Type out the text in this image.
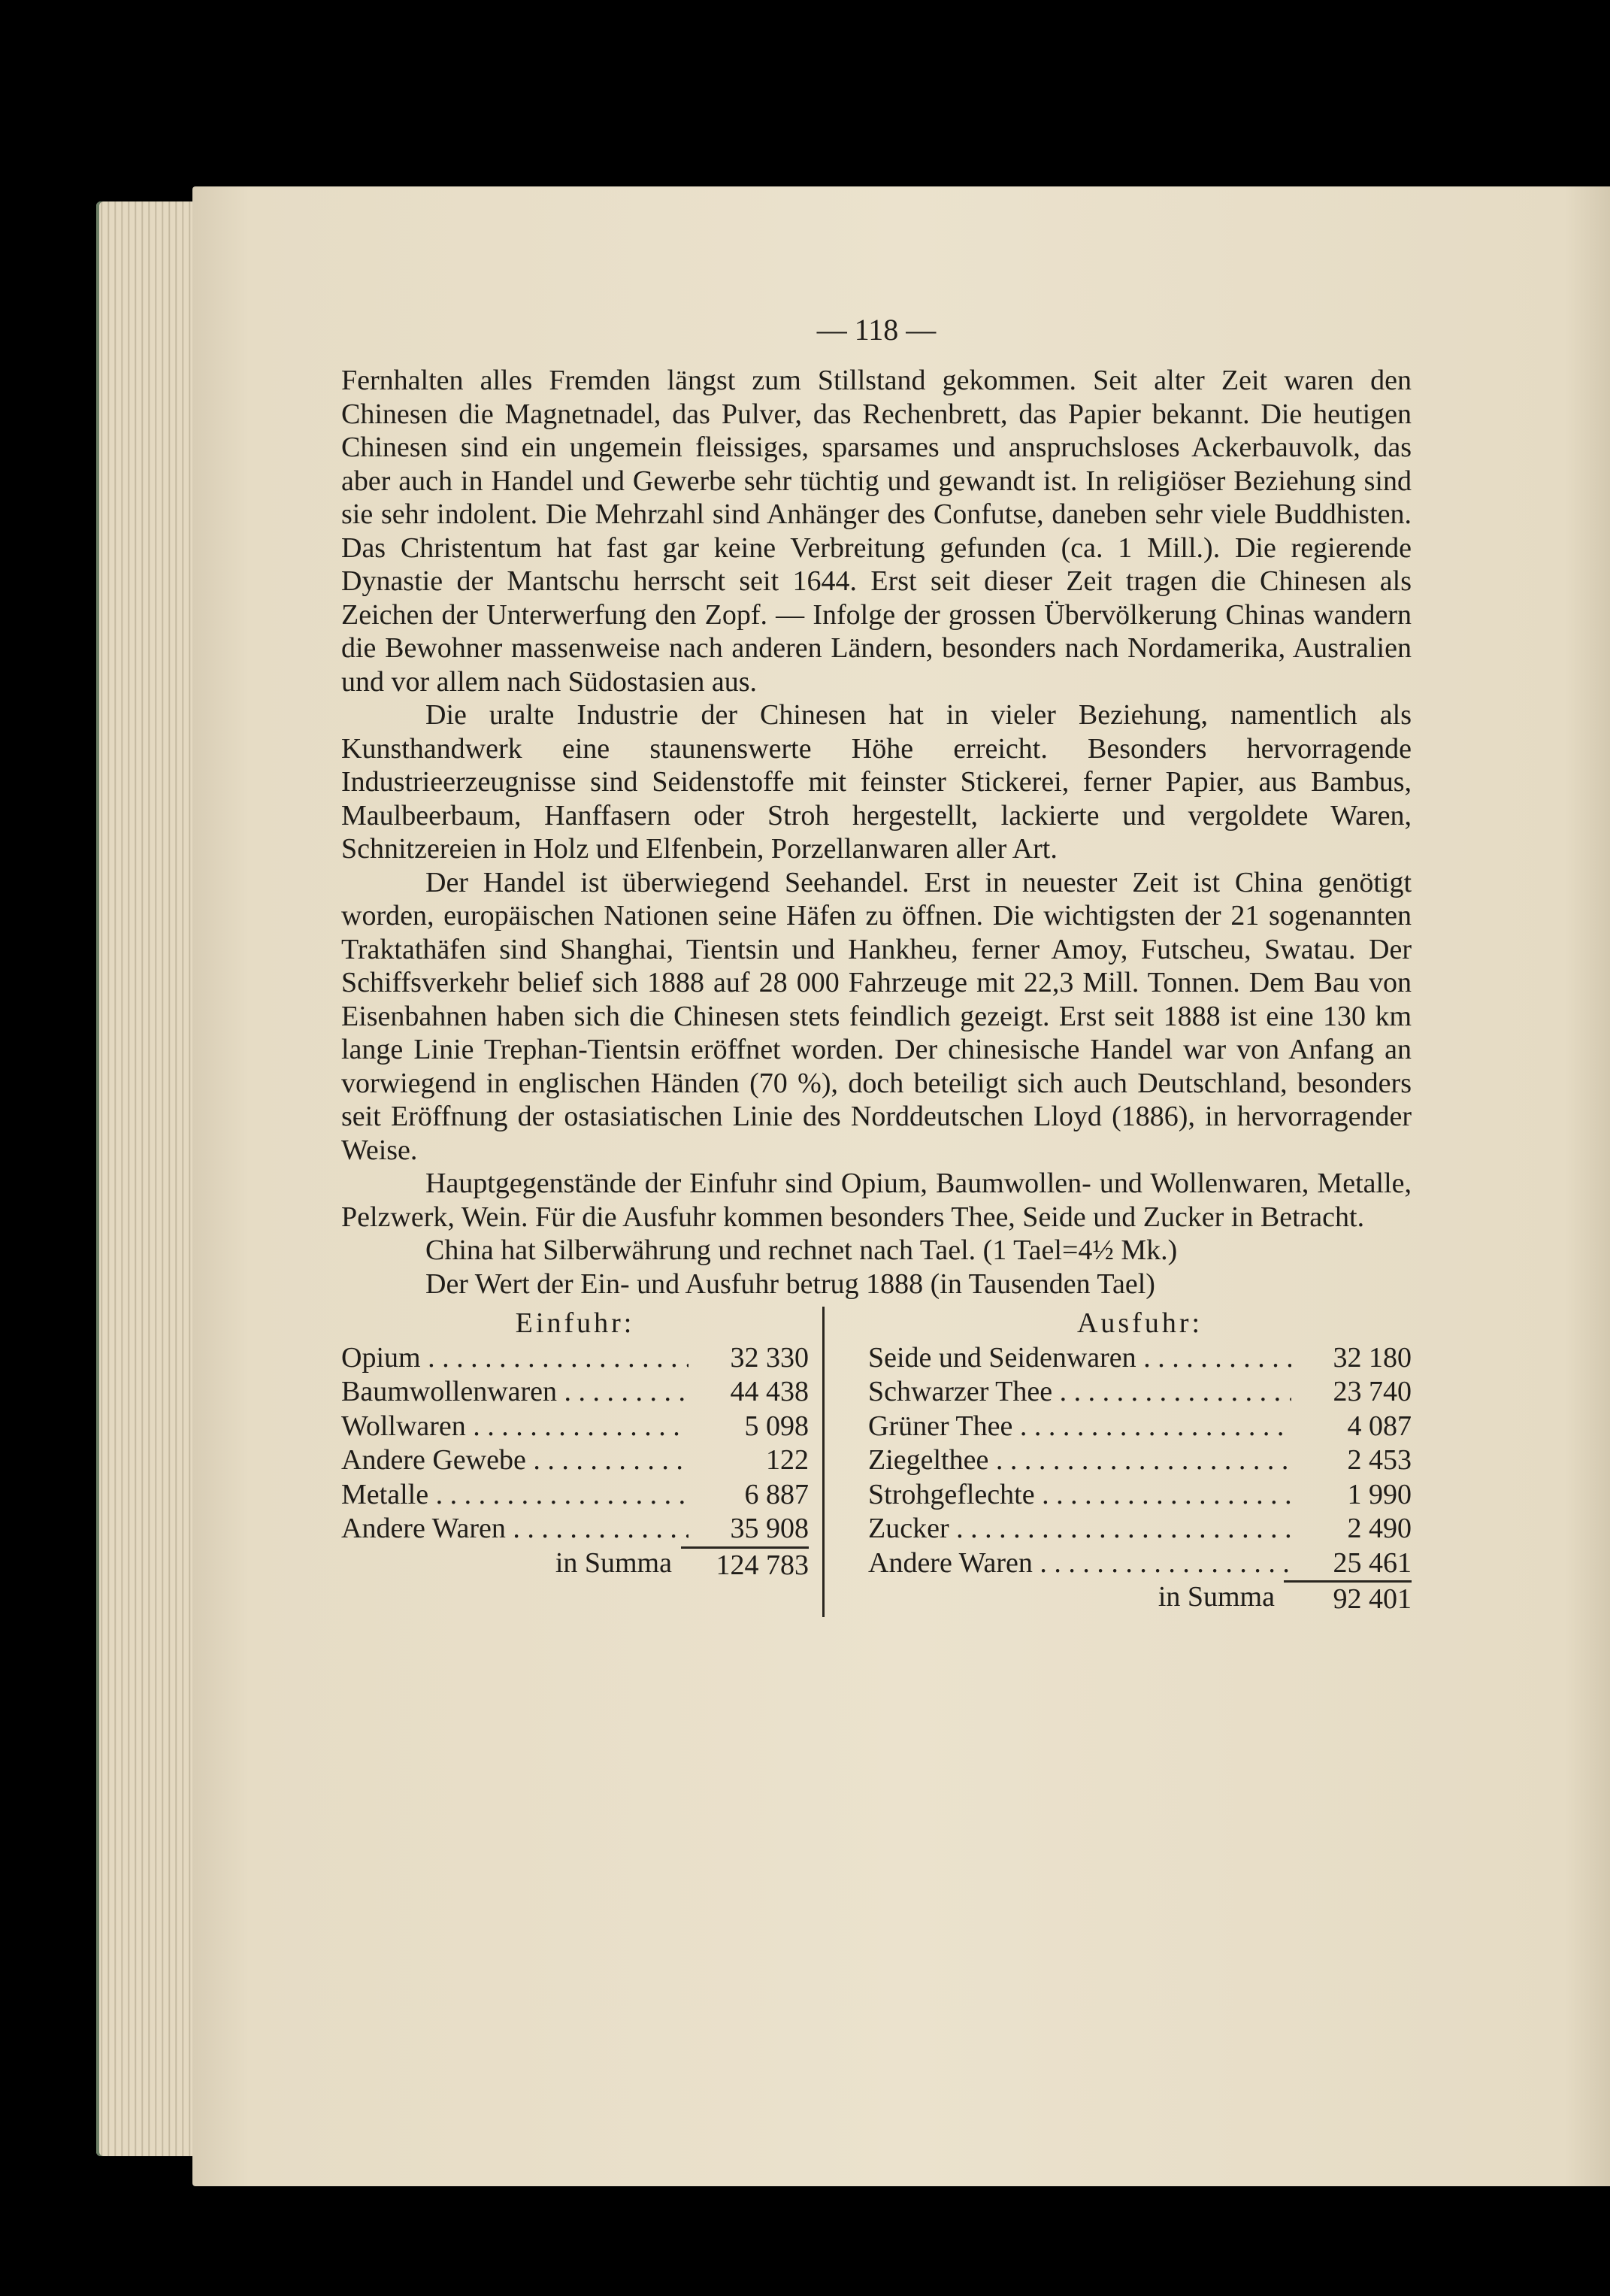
— 118 —

Fernhalten alles Fremden längst zum Stillstand gekommen. Seit alter Zeit waren den Chinesen die Magnetnadel, das Pulver, das Rechenbrett, das Papier bekannt. Die heutigen Chinesen sind ein ungemein fleissiges, sparsames und anspruchsloses Ackerbauvolk, das aber auch in Handel und Gewerbe sehr tüchtig und gewandt ist. In religiöser Beziehung sind sie sehr indolent. Die Mehrzahl sind Anhänger des Confutse, daneben sehr viele Buddhisten. Das Christentum hat fast gar keine Verbreitung gefunden (ca. 1 Mill.). Die regierende Dynastie der Mantschu herrscht seit 1644. Erst seit dieser Zeit tragen die Chinesen als Zeichen der Unterwerfung den Zopf. — Infolge der grossen Übervölkerung Chinas wandern die Bewohner massenweise nach anderen Ländern, besonders nach Nordamerika, Australien und vor allem nach Südostasien aus.

Die uralte Industrie der Chinesen hat in vieler Beziehung, namentlich als Kunsthandwerk eine staunenswerte Höhe erreicht. Besonders hervorragende Industrieerzeugnisse sind Seidenstoffe mit feinster Stickerei, ferner Papier, aus Bambus, Maulbeerbaum, Hanffasern oder Stroh hergestellt, lackierte und vergoldete Waren, Schnitzereien in Holz und Elfenbein, Porzellanwaren aller Art.

Der Handel ist überwiegend Seehandel. Erst in neuester Zeit ist China genötigt worden, europäischen Nationen seine Häfen zu öffnen. Die wichtigsten der 21 sogenannten Traktathäfen sind Shanghai, Tientsin und Hankheu, ferner Amoy, Futscheu, Swatau. Der Schiffsverkehr belief sich 1888 auf 28 000 Fahrzeuge mit 22,3 Mill. Tonnen. Dem Bau von Eisenbahnen haben sich die Chinesen stets feindlich gezeigt. Erst seit 1888 ist eine 130 km lange Linie Trephan-Tientsin eröffnet worden. Der chinesische Handel war von Anfang an vorwiegend in englischen Händen (70 %), doch beteiligt sich auch Deutschland, besonders seit Eröffnung der ostasiatischen Linie des Norddeutschen Lloyd (1886), in hervorragender Weise.

Hauptgegenstände der Einfuhr sind Opium, Baumwollen- und Wollenwaren, Metalle, Pelzwerk, Wein. Für die Ausfuhr kommen besonders Thee, Seide und Zucker in Betracht.

China hat Silberwährung und rechnet nach Tael. (1 Tael=4½ Mk.)

Der Wert der Ein- und Ausfuhr betrug 1888 (in Tausenden Tael)

Einfuhr:
Opium . . .	32 330
Baumwollenwaren . . .	44 438
Wollwaren . . .	5 098
Andere Gewebe . . .	122
Metalle . . .	6 887
Andere Waren . . .	35 908
in Summa	124 783
Ausfuhr:
Seide und Seidenwaren . . .	32 180
Schwarzer Thee . . .	23 740
Grüner Thee . . .	4 087
Ziegelthee . . .	2 453
Strohgeflechte . . .	1 990
Zucker . . .	2 490
Andere Waren . . .	25 461
in Summa	92 401
